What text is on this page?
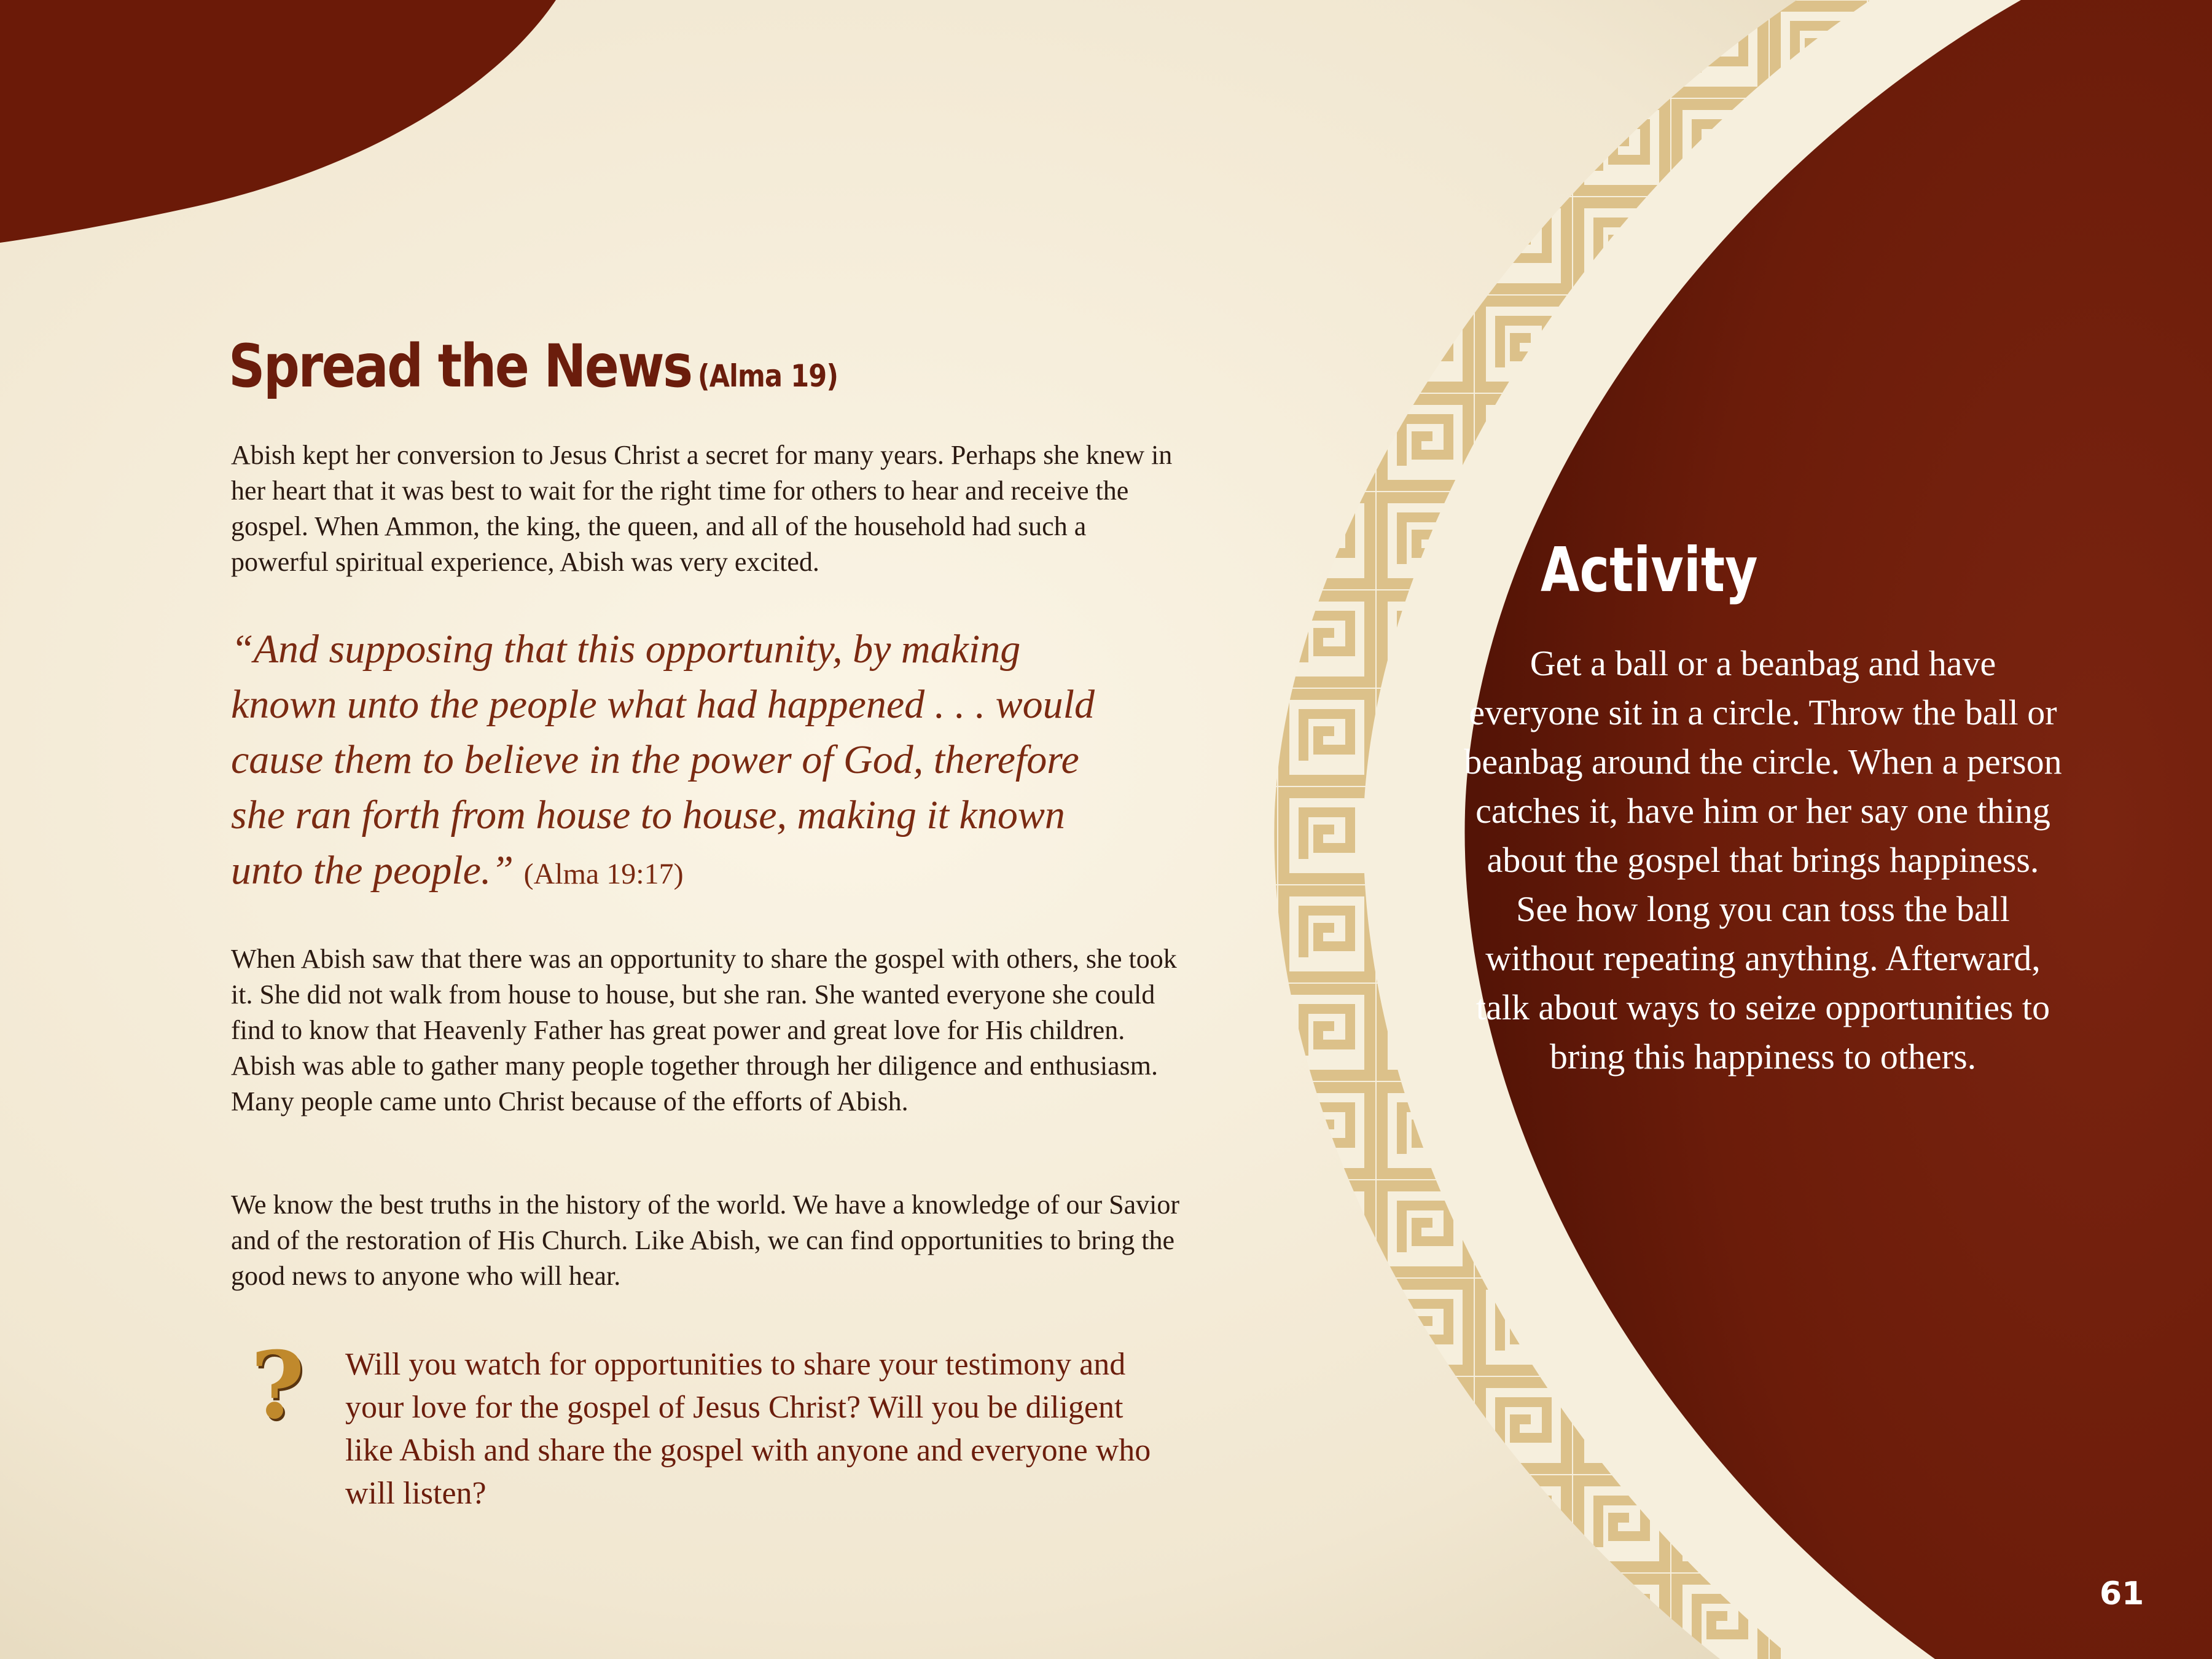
Spread the News (Alma 19)

Abish kept her conversion to Jesus Christ a secret for many years. Perhaps she knew in her heart that it was best to wait for the right time for others to hear and receive the gospel. When Ammon, the king, the queen, and all of the household had such a powerful spiritual experience, Abish was very excited.

“And supposing that this opportunity, by making known unto the people what had happened . . . would cause them to believe in the power of God, therefore she ran forth from house to house, making it known unto the people.” (Alma 19:17)

When Abish saw that there was an opportunity to share the gospel with others, she took it. She did not walk from house to house, but she ran. She wanted everyone she could find to know that Heavenly Father has great power and great love for His children. Abish was able to gather many people together through her diligence and enthusiasm. Many people came unto Christ because of the efforts of Abish.

We know the best truths in the history of the world. We have a knowledge of our Savior and of the restoration of His Church. Like Abish, we can find opportunities to bring the good news to anyone who will hear.

? Will you watch for opportunities to share your testimony and your love for the gospel of Jesus Christ? Will you be diligent like Abish and share the gospel with anyone and everyone who will listen?

Activity

Get a ball or a beanbag and have everyone sit in a circle. Throw the ball or beanbag around the circle. When a person catches it, have him or her say one thing about the gospel that brings happiness. See how long you can toss the ball without repeating anything. Afterward, talk about ways to seize opportunities to bring this happiness to others.

61
